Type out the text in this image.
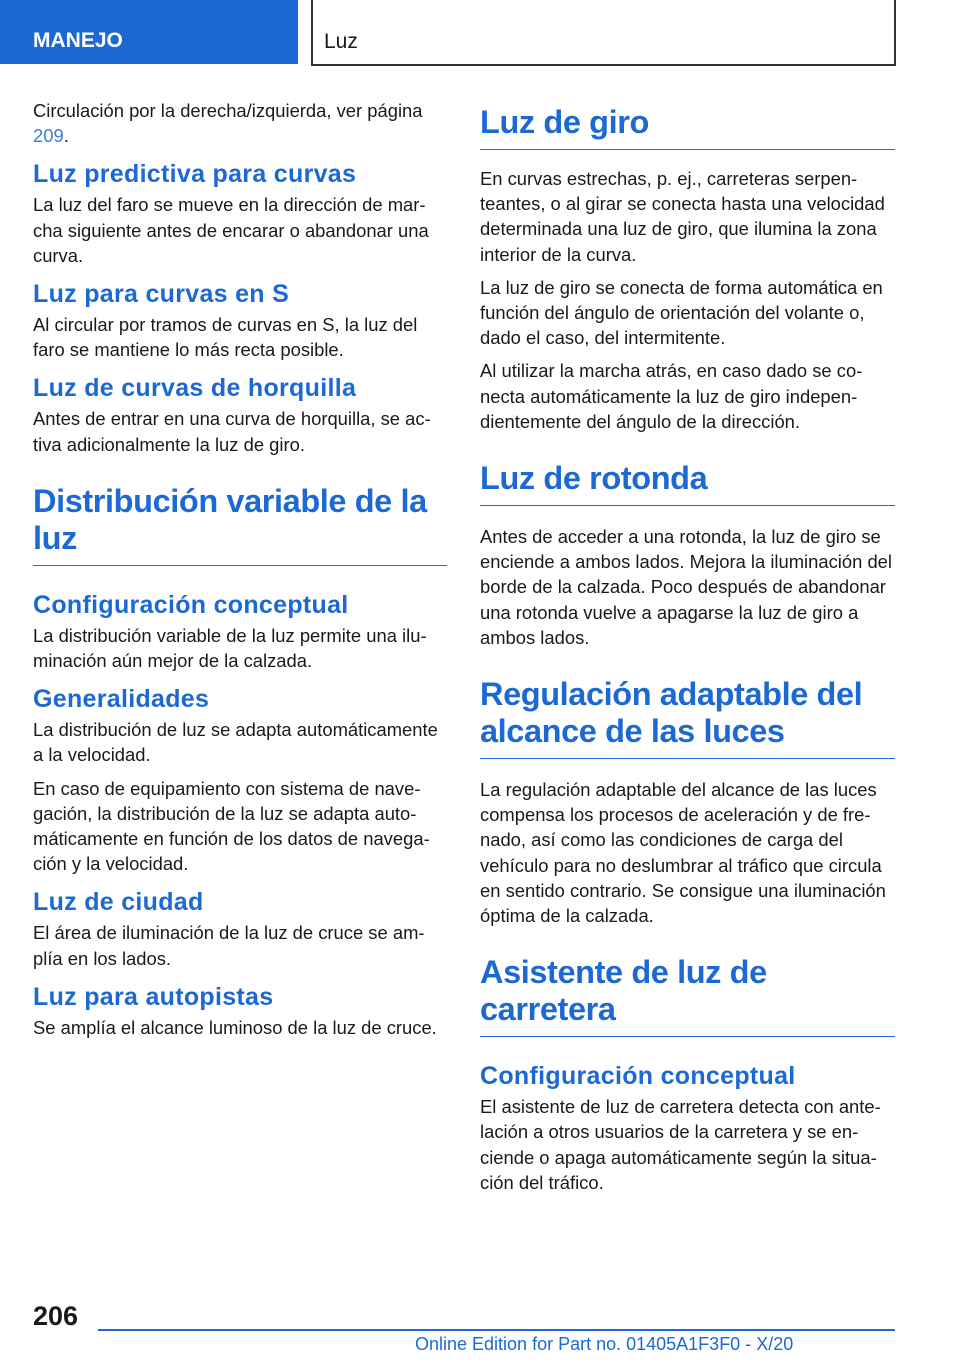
MANEJO	Luz

Circulación por la derecha/izquierda, ver página 209.

Luz predictiva para curvas

La luz del faro se mueve en la dirección de marcha siguiente antes de encarar o abandonar una curva.

Luz para curvas en S

Al circular por tramos de curvas en S, la luz del faro se mantiene lo más recta posible.

Luz de curvas de horquilla

Antes de entrar en una curva de horquilla, se activa adicionalmente la luz de giro.

Distribución variable de la luz
Configuración conceptual

La distribución variable de la luz permite una iluminación aún mejor de la calzada.

Generalidades

La distribución de luz se adapta automáticamente a la velocidad.

En caso de equipamiento con sistema de navegación, la distribución de la luz se adapta automáticamente en función de los datos de navegación y la velocidad.

Luz de ciudad

El área de iluminación de la luz de cruce se amplía en los lados.

Luz para autopistas

Se amplía el alcance luminoso de la luz de cruce.

Luz de giro

En curvas estrechas, p. ej., carreteras serpenteantes, o al girar se conecta hasta una velocidad determinada una luz de giro, que ilumina la zona interior de la curva.

La luz de giro se conecta de forma automática en función del ángulo de orientación del volante o, dado el caso, del intermitente.

Al utilizar la marcha atrás, en caso dado se conecta automáticamente la luz de giro independientemente del ángulo de la dirección.

Luz de rotonda

Antes de acceder a una rotonda, la luz de giro se enciende a ambos lados. Mejora la iluminación del borde de la calzada. Poco después de abandonar una rotonda vuelve a apagarse la luz de giro a ambos lados.

Regulación adaptable del alcance de las luces

La regulación adaptable del alcance de las luces compensa los procesos de aceleración y de frenado, así como las condiciones de carga del vehículo para no deslumbrar al tráfico que circula en sentido contrario. Se consigue una iluminación óptima de la calzada.

Asistente de luz de carretera
Configuración conceptual

El asistente de luz de carretera detecta con antelación a otros usuarios de la carretera y se enciende o apaga automáticamente según la situación del tráfico.

206
Online Edition for Part no. 01405A1F3F0 - X/20
